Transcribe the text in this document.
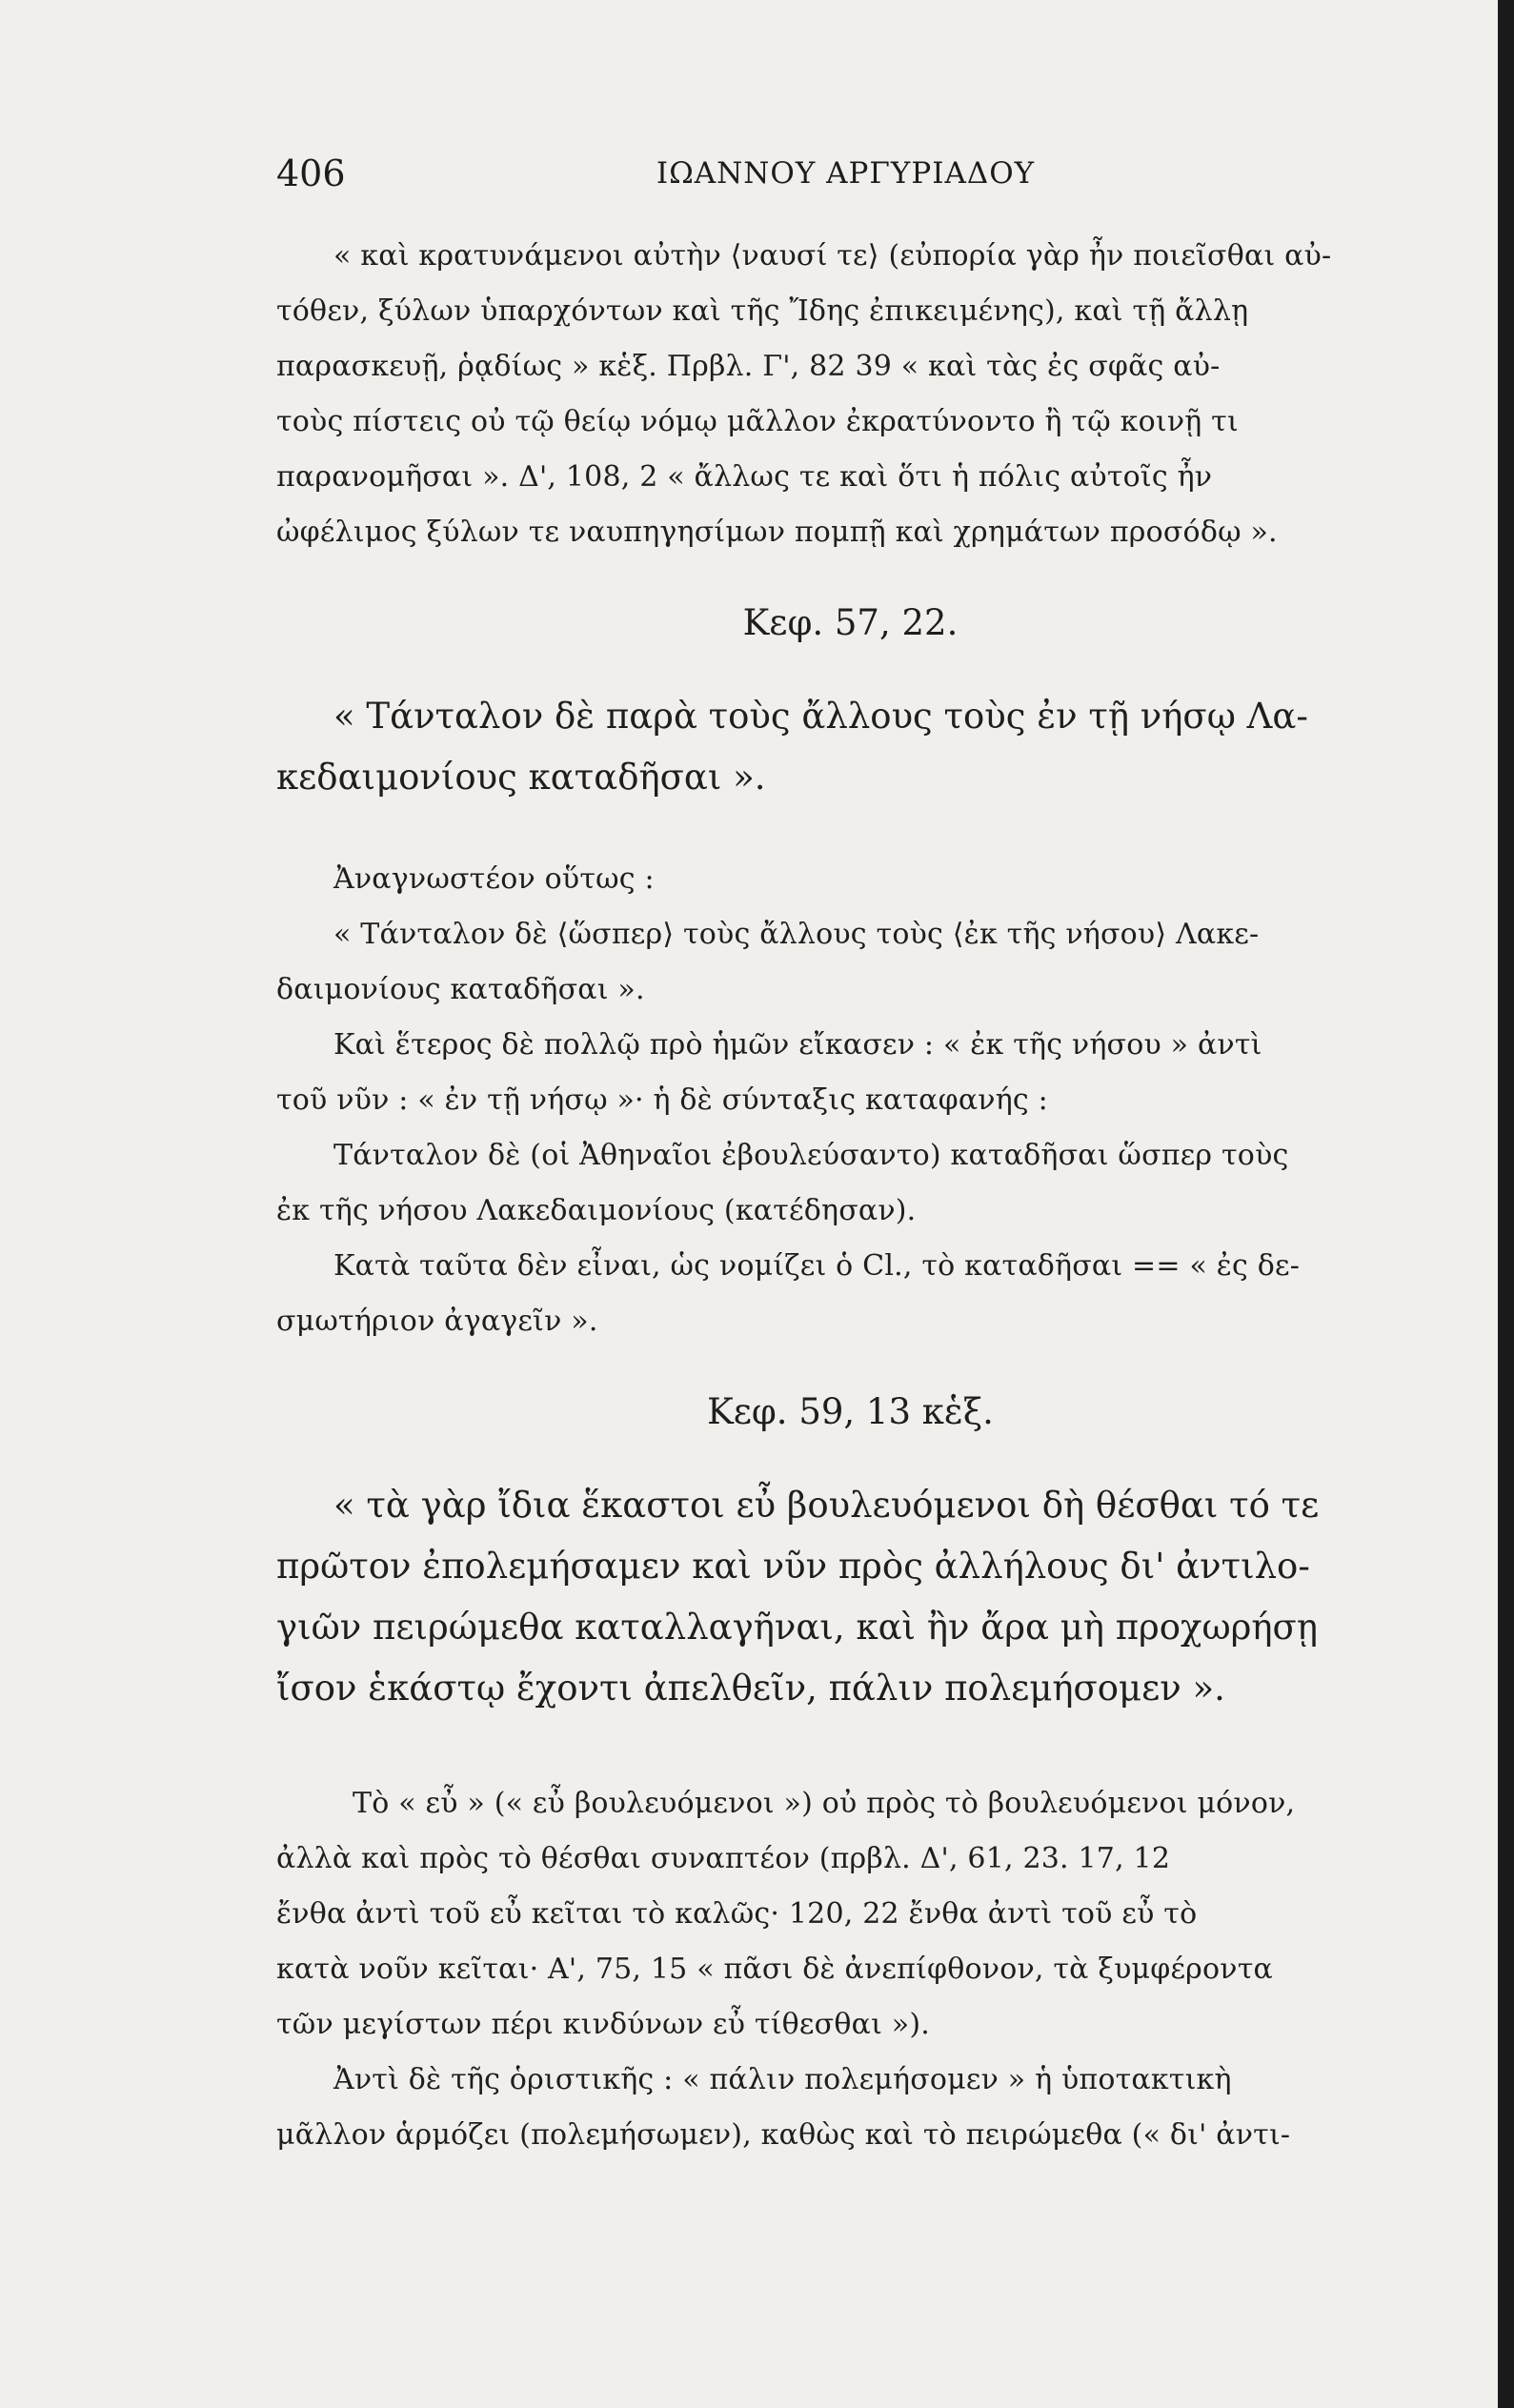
406	ΙΩΑΝΝΟΥ ΑΡΓΥΡΙΑΔΟΥ
« καὶ κρατυνάμενοι αὐτὴν ⟨ναυσί τε⟩ (εὐπορία γὰρ ἦν ποιεῖσθαι αὐ-
τόθεν, ξύλων ὑπαρχόντων καὶ τῆς Ἴδης ἐπικειμένης), καὶ τῇ ἄλλῃ
παρασκευῇ, ῥᾳδίως » κἑξ. Πρβλ. Γ', 82 39 « καὶ τὰς ἐς σφᾶς αὐ-
τοὺς πίστεις οὐ τῷ θείῳ νόμῳ μᾶλλον ἐκρατύνοντο ἢ τῷ κοινῇ τι
παρανομῆσαι ». Δ', 108, 2 « ἄλλως τε καὶ ὅτι ἡ πόλις αὐτοῖς ἦν
ὠφέλιμος ξύλων τε ναυπηγησίμων πομπῇ καὶ χρημάτων προσόδῳ ».
Κεφ. 57, 22.
« Τάνταλον δὲ παρὰ τοὺς ἄλλους τοὺς ἐν τῇ νήσῳ Λα-
κεδαιμονίους καταδῆσαι ».
Ἀναγνωστέον οὕτως :
« Τάνταλον δὲ ⟨ὥσπερ⟩ τοὺς ἄλλους τοὺς ⟨ἐκ τῆς νήσου⟩ Λακε-
δαιμονίους καταδῆσαι ».
Καὶ ἕτερος δὲ πολλῷ πρὸ ἡμῶν εἴκασεν : « ἐκ τῆς νήσου » ἀντὶ
τοῦ νῦν : « ἐν τῇ νήσῳ »· ἡ δὲ σύνταξις καταφανής :
Τάνταλον δὲ (οἱ Ἀθηναῖοι ἐβουλεύσαντο) καταδῆσαι ὥσπερ τοὺς
ἐκ τῆς νήσου Λακεδαιμονίους (κατέδησαν).
Κατὰ ταῦτα δὲν εἶναι, ὡς νομίζει ὁ Cl., τὸ καταδῆσαι == « ἐς δε-
σμωτήριον ἀγαγεῖν ».
Κεφ. 59, 13 κἑξ.
« τὰ γὰρ ἴδια ἕκαστοι εὖ βουλευόμενοι δὴ θέσθαι τό τε
πρῶτον ἐπολεμήσαμεν καὶ νῦν πρὸς ἀλλήλους δι' ἀντιλο-
γιῶν πειρώμεθα καταλλαγῆναι, καὶ ἢν ἄρα μὴ προχωρήσῃ
ἴσον ἑκάστῳ ἔχοντι ἀπελθεῖν, πάλιν πολεμήσομεν ».
Τὸ « εὖ » (« εὖ βουλευόμενοι ») οὐ πρὸς τὸ βουλευόμενοι μόνον,
ἀλλὰ καὶ πρὸς τὸ θέσθαι συναπτέον (πρβλ. Δ', 61, 23. 17, 12
ἔνθα ἀντὶ τοῦ εὖ κεῖται τὸ καλῶς· 120, 22 ἔνθα ἀντὶ τοῦ εὖ τὸ
κατὰ νοῦν κεῖται· Α', 75, 15 « πᾶσι δὲ ἀνεπίφθονον, τὰ ξυμφέροντα
τῶν μεγίστων πέρι κινδύνων εὖ τίθεσθαι »).
Ἀντὶ δὲ τῆς ὁριστικῆς : « πάλιν πολεμήσομεν » ἡ ὑποτακτικὴ
μᾶλλον ἁρμόζει (πολεμήσωμεν), καθὼς καὶ τὸ πειρώμεθα (« δι' ἀντι-
